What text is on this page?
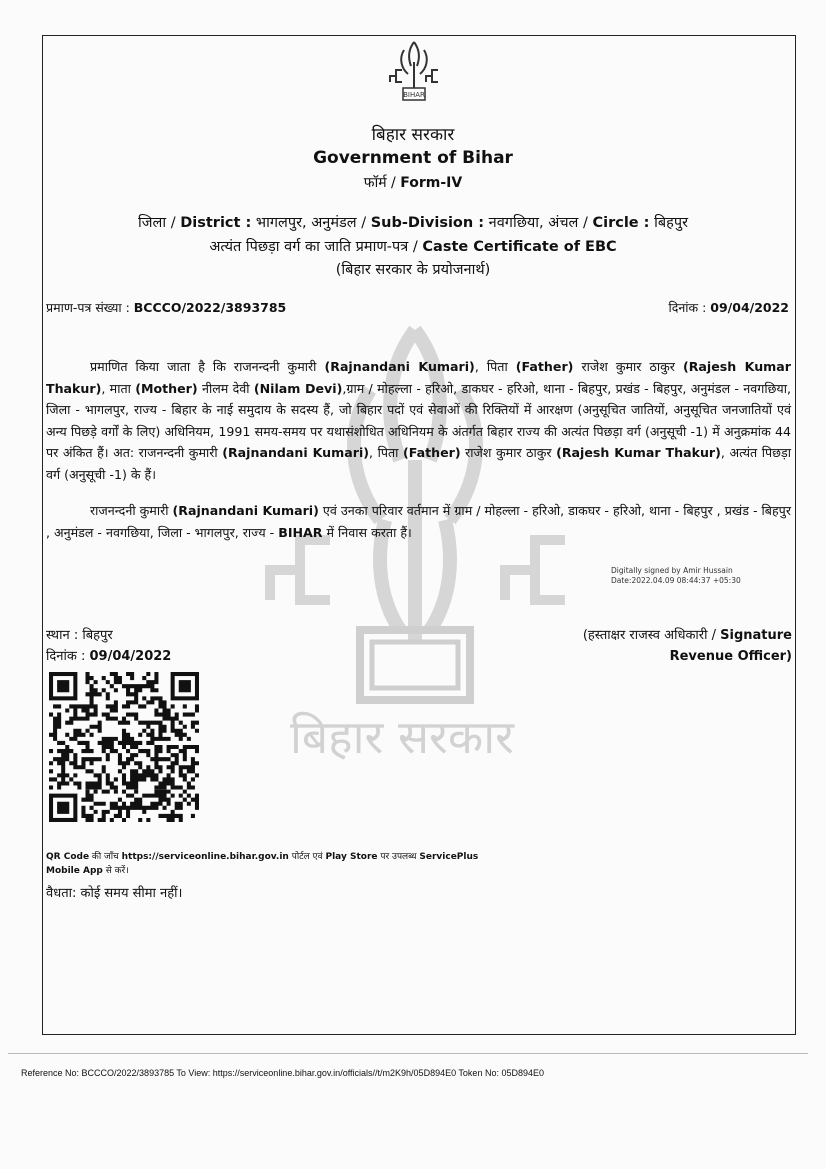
बिहार सरकार
BIHAR
बिहार सरकार
Government of Bihar
फॉर्म / Form-IV
जिला / District : भागलपुर, अनुमंडल / Sub-Division : नवगछिया, अंचल / Circle : बिहपुर
अत्यंत पिछड़ा वर्ग का जाति प्रमाण-पत्र / Caste Certificate of EBC
(बिहार सरकार के प्रयोजनार्थ)
प्रमाण-पत्र संख्या : BCCCO/2022/3893785	दिनांक : 09/04/2022
प्रमाणित किया जाता है कि राजनन्दनी कुमारी (Rajnandani Kumari), पिता (Father) राजेश कुमार ठाकुर (Rajesh Kumar Thakur), माता (Mother) नीलम देवी (Nilam Devi),ग्राम / मोहल्ला - हरिओ, डाकघर - हरिओ, थाना - बिहपुर, प्रखंड - बिहपुर, अनुमंडल - नवगछिया, जिला - भागलपुर, राज्य - बिहार के नाई समुदाय के सदस्य हैं, जो बिहार पदों एवं सेवाओं की रिक्तियों में आरक्षण (अनुसूचित जातियों, अनुसूचित जनजातियों एवं अन्य पिछड़े वर्गों के लिए) अधिनियम, 1991 समय-समय पर यथासंशोधित अधिनियम के अंतर्गत बिहार राज्य की अत्यंत पिछड़ा वर्ग (अनुसूची -1) में अनुक्रमांक 44 पर अंकित हैं। अत: राजनन्दनी कुमारी (Rajnandani Kumari), पिता (Father) राजेश कुमार ठाकुर (Rajesh Kumar Thakur), अत्यंत पिछड़ा वर्ग (अनुसूची -1) के हैं।
राजनन्दनी कुमारी (Rajnandani Kumari) एवं उनका परिवार वर्तमान में ग्राम / मोहल्ला - हरिओ, डाकघर - हरिओ, थाना - बिहपुर , प्रखंड - बिहपुर , अनुमंडल - नवगछिया, जिला - भागलपुर, राज्य - BIHAR में निवास करता हैं।
Digitally signed by Amir Hussain
Date:2022.04.09 08:44:37 +05:30
स्थान : बिहपुर
दिनांक : 09/04/2022
(हस्ताक्षर राजस्व अधिकारी / Signature
Revenue Officer)
QR Code की जाँच https://serviceonline.bihar.gov.in पोर्टल एवं Play Store पर उपलब्ध ServicePlus
Mobile App से करें।
वैधता: कोई समय सीमा नहीं।
Reference No: BCCCO/2022/3893785 To View: https://serviceonline.bihar.gov.in/officials//t/m2K9h/05D894E0 Token No: 05D894E0
